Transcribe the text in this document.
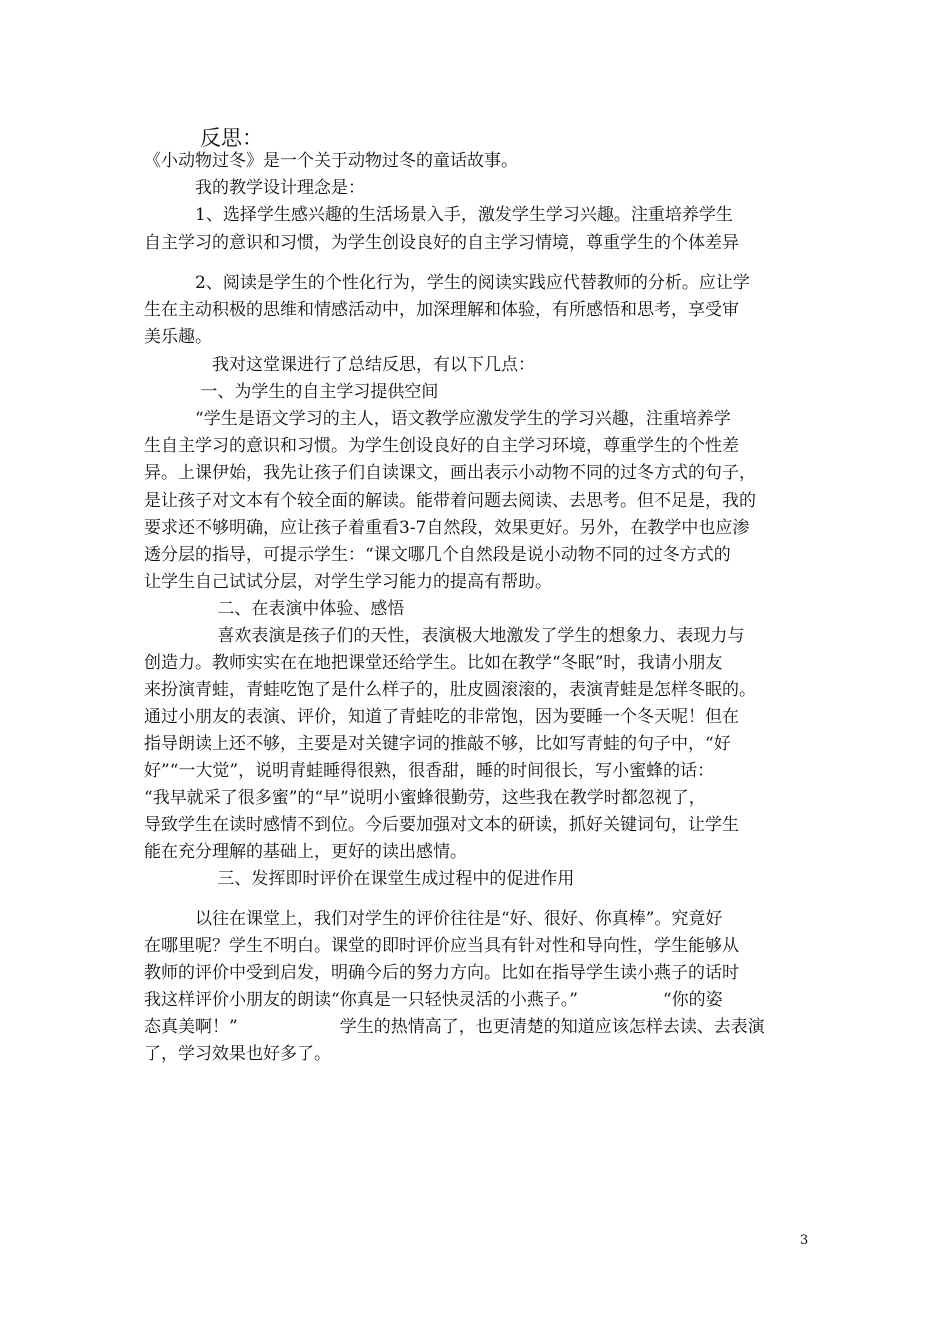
反思：
《小动物过冬》是一个关于动物过冬的童话故事。
　　　我的教学设计理念是：
　　　1、选择学生感兴趣的生活场景入手，激发学生学习兴趣。注重培养学生
自主学习的意识和习惯，为学生创设良好的自主学习情境，尊重学生的个体差异
　　　2、阅读是学生的个性化行为，学生的阅读实践应代替教师的分析。应让学
生在主动积极的思维和情感活动中，加深理解和体验，有所感悟和思考，享受审
美乐趣。
　　　　我对这堂课进行了总结反思，有以下几点：
　　　 一、为学生的自主学习提供空间
　　　“学生是语文学习的主人，语文教学应激发学生的学习兴趣，注重培养学
生自主学习的意识和习惯。为学生创设良好的自主学习环境，尊重学生的个性差
异。上课伊始，我先让孩子们自读课文，画出表示小动物不同的过冬方式的句子，
是让孩子对文本有个较全面的解读。能带着问题去阅读、去思考。但不足是，我的
要求还不够明确，应让孩子着重看3-7自然段，效果更好。另外，在教学中也应渗
透分层的指导，可提示学生：“课文哪几个自然段是说小动物不同的过冬方式的
让学生自己试试分层，对学生学习能力的提高有帮助。
　　　　 二、在表演中体验、感悟
　　　　 喜欢表演是孩子们的天性，表演极大地激发了学生的想象力、表现力与
创造力。教师实实在在地把课堂还给学生。比如在教学“冬眠”时，我请小朋友
来扮演青蛙，青蛙吃饱了是什么样子的，肚皮圆滚滚的，表演青蛙是怎样冬眠的。
通过小朋友的表演、评价，知道了青蛙吃的非常饱，因为要睡一个冬天呢！但在
指导朗读上还不够，主要是对关键字词的推敲不够，比如写青蛙的句子中，“好
好”“一大觉”，说明青蛙睡得很熟，很香甜，睡的时间很长，写小蜜蜂的话：
“我早就采了很多蜜”的“早”说明小蜜蜂很勤劳，这些我在教学时都忽视了，
导致学生在读时感情不到位。今后要加强对文本的研读，抓好关键词句，让学生
能在充分理解的基础上，更好的读出感情。
　　　　 三、发挥即时评价在课堂生成过程中的促进作用
　　　以往在课堂上，我们对学生的评价往往是“好、很好、你真棒”。究竟好
在哪里呢？学生不明白。课堂的即时评价应当具有针对性和导向性，学生能够从
教师的评价中受到启发，明确今后的努力方向。比如在指导学生读小燕子的话时
我这样评价小朋友的朗读“你真是一只轻快灵活的小燕子。”　　　　　“你的姿
态真美啊！”　　　　　　学生的热情高了，也更清楚的知道应该怎样去读、去表演
了，学习效果也好多了。
3
